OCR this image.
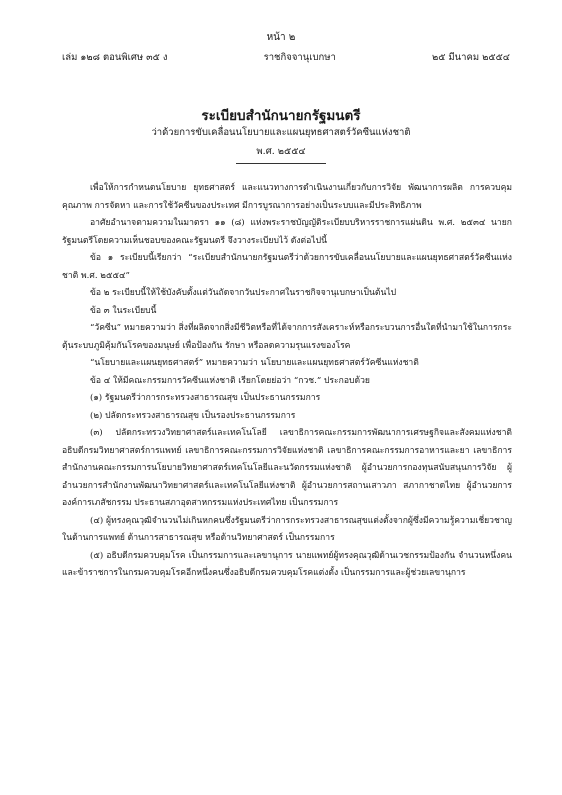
หน้า ๒
เล่ม ๑๒๘ ตอนพิเศษ ๓๕ ง	ราชกิจจานุเบกษา	๒๕ มีนาคม ๒๕๕๔
ระเบียบสำนักนายกรัฐมนตรี
ว่าด้วยการขับเคลื่อนนโยบายและแผนยุทธศาสตร์วัคซีนแห่งชาติ
พ.ศ. ๒๕๕๔

เพื่อให้การกำหนดนโยบาย ยุทธศาสตร์ และแนวทางการดำเนินงานเกี่ยวกับการวิจัย พัฒนาการผลิต การควบคุมคุณภาพ การจัดหา และการใช้วัคซีนของประเทศ มีการบูรณาการอย่างเป็นระบบและมีประสิทธิภาพ

อาศัยอำนาจตามความในมาตรา ๑๑ (๘) แห่งพระราชบัญญัติระเบียบบริหารราชการแผ่นดิน พ.ศ. ๒๕๓๔ นายกรัฐมนตรีโดยความเห็นชอบของคณะรัฐมนตรี จึงวางระเบียบไว้ ดังต่อไปนี้

ข้อ ๑ ระเบียบนี้เรียกว่า “ระเบียบสำนักนายกรัฐมนตรีว่าด้วยการขับเคลื่อนนโยบายและแผนยุทธศาสตร์วัคซีนแห่งชาติ พ.ศ. ๒๕๕๔”

ข้อ ๒ ระเบียบนี้ให้ใช้บังคับตั้งแต่วันถัดจากวันประกาศในราชกิจจานุเบกษาเป็นต้นไป

ข้อ ๓ ในระเบียบนี้

“วัคซีน” หมายความว่า สิ่งที่ผลิตจากสิ่งมีชีวิตหรือที่ได้จากการสังเคราะห์หรือกระบวนการอื่นใดที่นำมาใช้ในการกระตุ้นระบบภูมิคุ้มกันโรคของมนุษย์ เพื่อป้องกัน รักษา หรือลดความรุนแรงของโรค

“นโยบายและแผนยุทธศาสตร์” หมายความว่า นโยบายและแผนยุทธศาสตร์วัคซีนแห่งชาติ

ข้อ ๔ ให้มีคณะกรรมการวัคซีนแห่งชาติ เรียกโดยย่อว่า “กวช.” ประกอบด้วย

(๑) รัฐมนตรีว่าการกระทรวงสาธารณสุข เป็นประธานกรรมการ

(๒) ปลัดกระทรวงสาธารณสุข เป็นรองประธานกรรมการ

(๓) ปลัดกระทรวงวิทยาศาสตร์และเทคโนโลยี เลขาธิการคณะกรรมการพัฒนาการเศรษฐกิจและสังคมแห่งชาติ อธิบดีกรมวิทยาศาสตร์การแพทย์ เลขาธิการคณะกรรมการวิจัยแห่งชาติ เลขาธิการคณะกรรมการอาหารและยา เลขาธิการสำนักงานคณะกรรมการนโยบายวิทยาศาสตร์เทคโนโลยีและนวัตกรรมแห่งชาติ ผู้อำนวยการกองทุนสนับสนุนการวิจัย ผู้อำนวยการสำนักงานพัฒนาวิทยาศาสตร์และเทคโนโลยีแห่งชาติ ผู้อำนวยการสถานเสาวภา สภากาชาดไทย ผู้อำนวยการองค์การเภสัชกรรม ประธานสภาอุตสาหกรรมแห่งประเทศไทย เป็นกรรมการ

(๔) ผู้ทรงคุณวุฒิจำนวนไม่เกินหกคนซึ่งรัฐมนตรีว่าการกระทรวงสาธารณสุขแต่งตั้งจากผู้ซึ่งมีความรู้ความเชี่ยวชาญในด้านการแพทย์ ด้านการสาธารณสุข หรือด้านวิทยาศาสตร์ เป็นกรรมการ

(๕) อธิบดีกรมควบคุมโรค เป็นกรรมการและเลขานุการ นายแพทย์ผู้ทรงคุณวุฒิด้านเวชกรรมป้องกัน จำนวนหนึ่งคน และข้าราชการในกรมควบคุมโรคอีกหนึ่งคนซึ่งอธิบดีกรมควบคุมโรคแต่งตั้ง เป็นกรรมการและผู้ช่วยเลขานุการ
